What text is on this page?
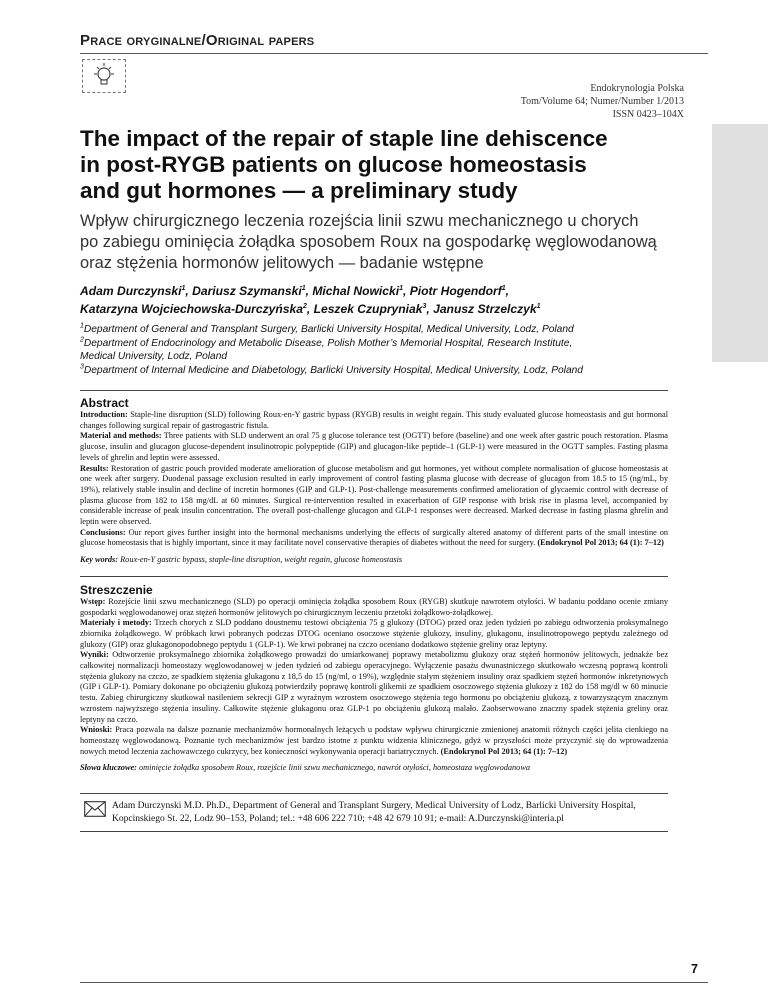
Prace oryginalne/Original papers
Endokrynologia Polska
Tom/Volume 64; Numer/Number 1/2013
ISSN 0423–104X
The impact of the repair of staple line dehiscence
in post-RYGB patients on glucose homeostasis
and gut hormones — a preliminary study
Wpływ chirurgicznego leczenia rozejścia linii szwu mechanicznego u chorych
po zabiegu ominięcia żołądka sposobem Roux na gospodarkę węglowodanową
oraz stężenia hormonów jelitowych — badanie wstępne
Adam Durczynski$^1$, Dariusz Szymanski$^1$, Michal Nowicki$^1$, Piotr Hogendorf$^1$,
Katarzyna Wojciechowska-Durczyńska$^2$, Leszek Czupryniak$^3$, Janusz Strzelczyk$^1$
$^1$Department of General and Transplant Surgery, Barlicki University Hospital, Medical University, Lodz, Poland
$^2$Department of Endocrinology and Metabolic Disease, Polish Mother’s Memorial Hospital, Research Institute,
Medical University, Lodz, Poland
$^3$Department of Internal Medicine and Diabetology, Barlicki University Hospital, Medical University, Lodz, Poland

Abstract

Introduction: Staple-line disruption (SLD) following Roux-en-Y gastric bypass (RYGB) results in weight regain. This study evaluated glucose homeostasis and gut hormonal changes following surgical repair of gastrogastric fistula.

Material and methods: Three patients with SLD underwent an oral 75 g glucose tolerance test (OGTT) before (baseline) and one week after gastric pouch restoration. Plasma glucose, insulin and glucagon glucose-dependent insulinotropic polypeptide (GIP) and glucagon-like peptide–1 (GLP-1) were measured in the OGTT samples. Fasting plasma levels of ghrelin and leptin were assessed.

Results: Restoration of gastric pouch provided moderate amelioration of glucose metabolism and gut hormones, yet without complete normalisation of glucose homeostasis at one week after surgery. Duodenal passage exclusion resulted in early improvement of control fasting plasma glucose with decrease of glucagon from 18.5 to 15 (ng/mL, by 19%), relatively stable insulin and decline of incretin hormones (GIP and GLP-1). Post-challenge measurements confirmed amelioration of glycaemic control with decrease of plasma glucose from 182 to 158 mg/dL at 60 minutes. Surgical re-intervention resulted in exacerbation of GIP response with brisk rise in plasma level, accompanied by considerable increase of peak insulin concentration. The overall post-challenge glucagon and GLP-1 responses were decreased. Marked decrease in fasting plasma ghrelin and leptin were observed.

Conclusions: Our report gives further insight into the hormonal mechanisms underlying the effects of surgically altered anatomy of different parts of the small intestine on glucose homeostasis that is highly important, since it may facilitate novel conservative therapies of diabetes without the need for surgery. (Endokrynol Pol 2013; 64 (1): 7–12)

Key words: Roux-en-Y gastric bypass, staple-line disruption, weight regain, glucose homeostasis

Streszczenie

Wstęp: Rozejście linii szwu mechanicznego (SLD) po operacji ominięcia żołądka sposobem Roux (RYGB) skutkuje nawrotem otyłości. W badaniu poddano ocenie zmiany gospodarki węglowodanowej oraz stężeń hormonów jelitowych po chirurgicznym leczeniu przetoki żołądkowo-żołądkowej.

Materiały i metody: Trzech chorych z SLD poddano doustnemu testowi obciążenia 75 g glukozy (DTOG) przed oraz jeden tydzień po zabiegu odtworzenia proksymalnego zbiornika żołądkowego. W próbkach krwi pobranych podczas DTOG oceniano osoczowe stężenie glukozy, insuliny, glukagonu, insulinotropowego peptydu zależnego od glukozy (GIP) oraz glukagonopodobnego peptydu 1 (GLP-1). We krwi pobranej na czczo oceniano dodatkowo stężenie greliny oraz leptyny.

Wyniki: Odtworzenie proksymalnego zbiornika żołądkowego prowadzi do umiarkowanej poprawy metabolizmu glukozy oraz stężeń hormonów jelitowych, jednakże bez całkowitej normalizacji homeostazy węglowodanowej w jeden tydzień od zabiegu operacyjnego. Wyłączenie pasażu dwunastniczego skutkowało wczesną poprawą kontroli stężenia glukozy na czczo, ze spadkiem stężenia glukagonu z 18,5 do 15 (ng/ml, o 19%), względnie stałym stężeniem insuliny oraz spadkiem stężeń hormonów inkretynowych (GIP i GLP-1). Pomiary dokonane po obciążeniu glukozą potwierdziły poprawę kontroli glikemii ze spadkiem osoczowego stężenia glukozy z 182 do 158 mg/dl w 60 minucie testu. Zabieg chirurgiczny skutkował nasileniem sekrecji GIP z wyraźnym wzrostem osoczowego stężenia tego hormonu po obciążeniu glukozą, z towarzyszącym znacznym wzrostem najwyższego stężenia insuliny. Całkowite stężenie glukagonu oraz GLP-1 po obciążeniu glukozą malało. Zaobserwowano znaczny spadek stężenia greliny oraz leptyny na czczo.

Wnioski: Praca pozwala na dalsze poznanie mechanizmów hormonalnych leżących u podstaw wpływu chirurgicznie zmienionej anatomii różnych części jelita cienkiego na homeostazę węglowodanową. Poznanie tych mechanizmów jest bardzo istotne z punktu widzenia klinicznego, gdyż w przyszłości może przyczynić się do wprowadzenia nowych metod leczenia zachowawczego cukrzycy, bez konieczności wykonywania operacji bariatrycznych. (Endokrynol Pol 2013; 64 (1): 7–12)

Słowa kluczowe: ominięcie żołądka sposobem Roux, rozejście linii szwu mechanicznego, nawrót otyłości, homeostaza węglowodanowa

Adam Durczynski M.D. Ph.D., Department of General and Transplant Surgery, Medical University of Lodz, Barlicki University Hospital,
Kopcinskiego St. 22, Lodz 90–153, Poland; tel.: +48 606 222 710; +48 42 679 10 91; e-mail: A.Durczynski@interia.pl
7
